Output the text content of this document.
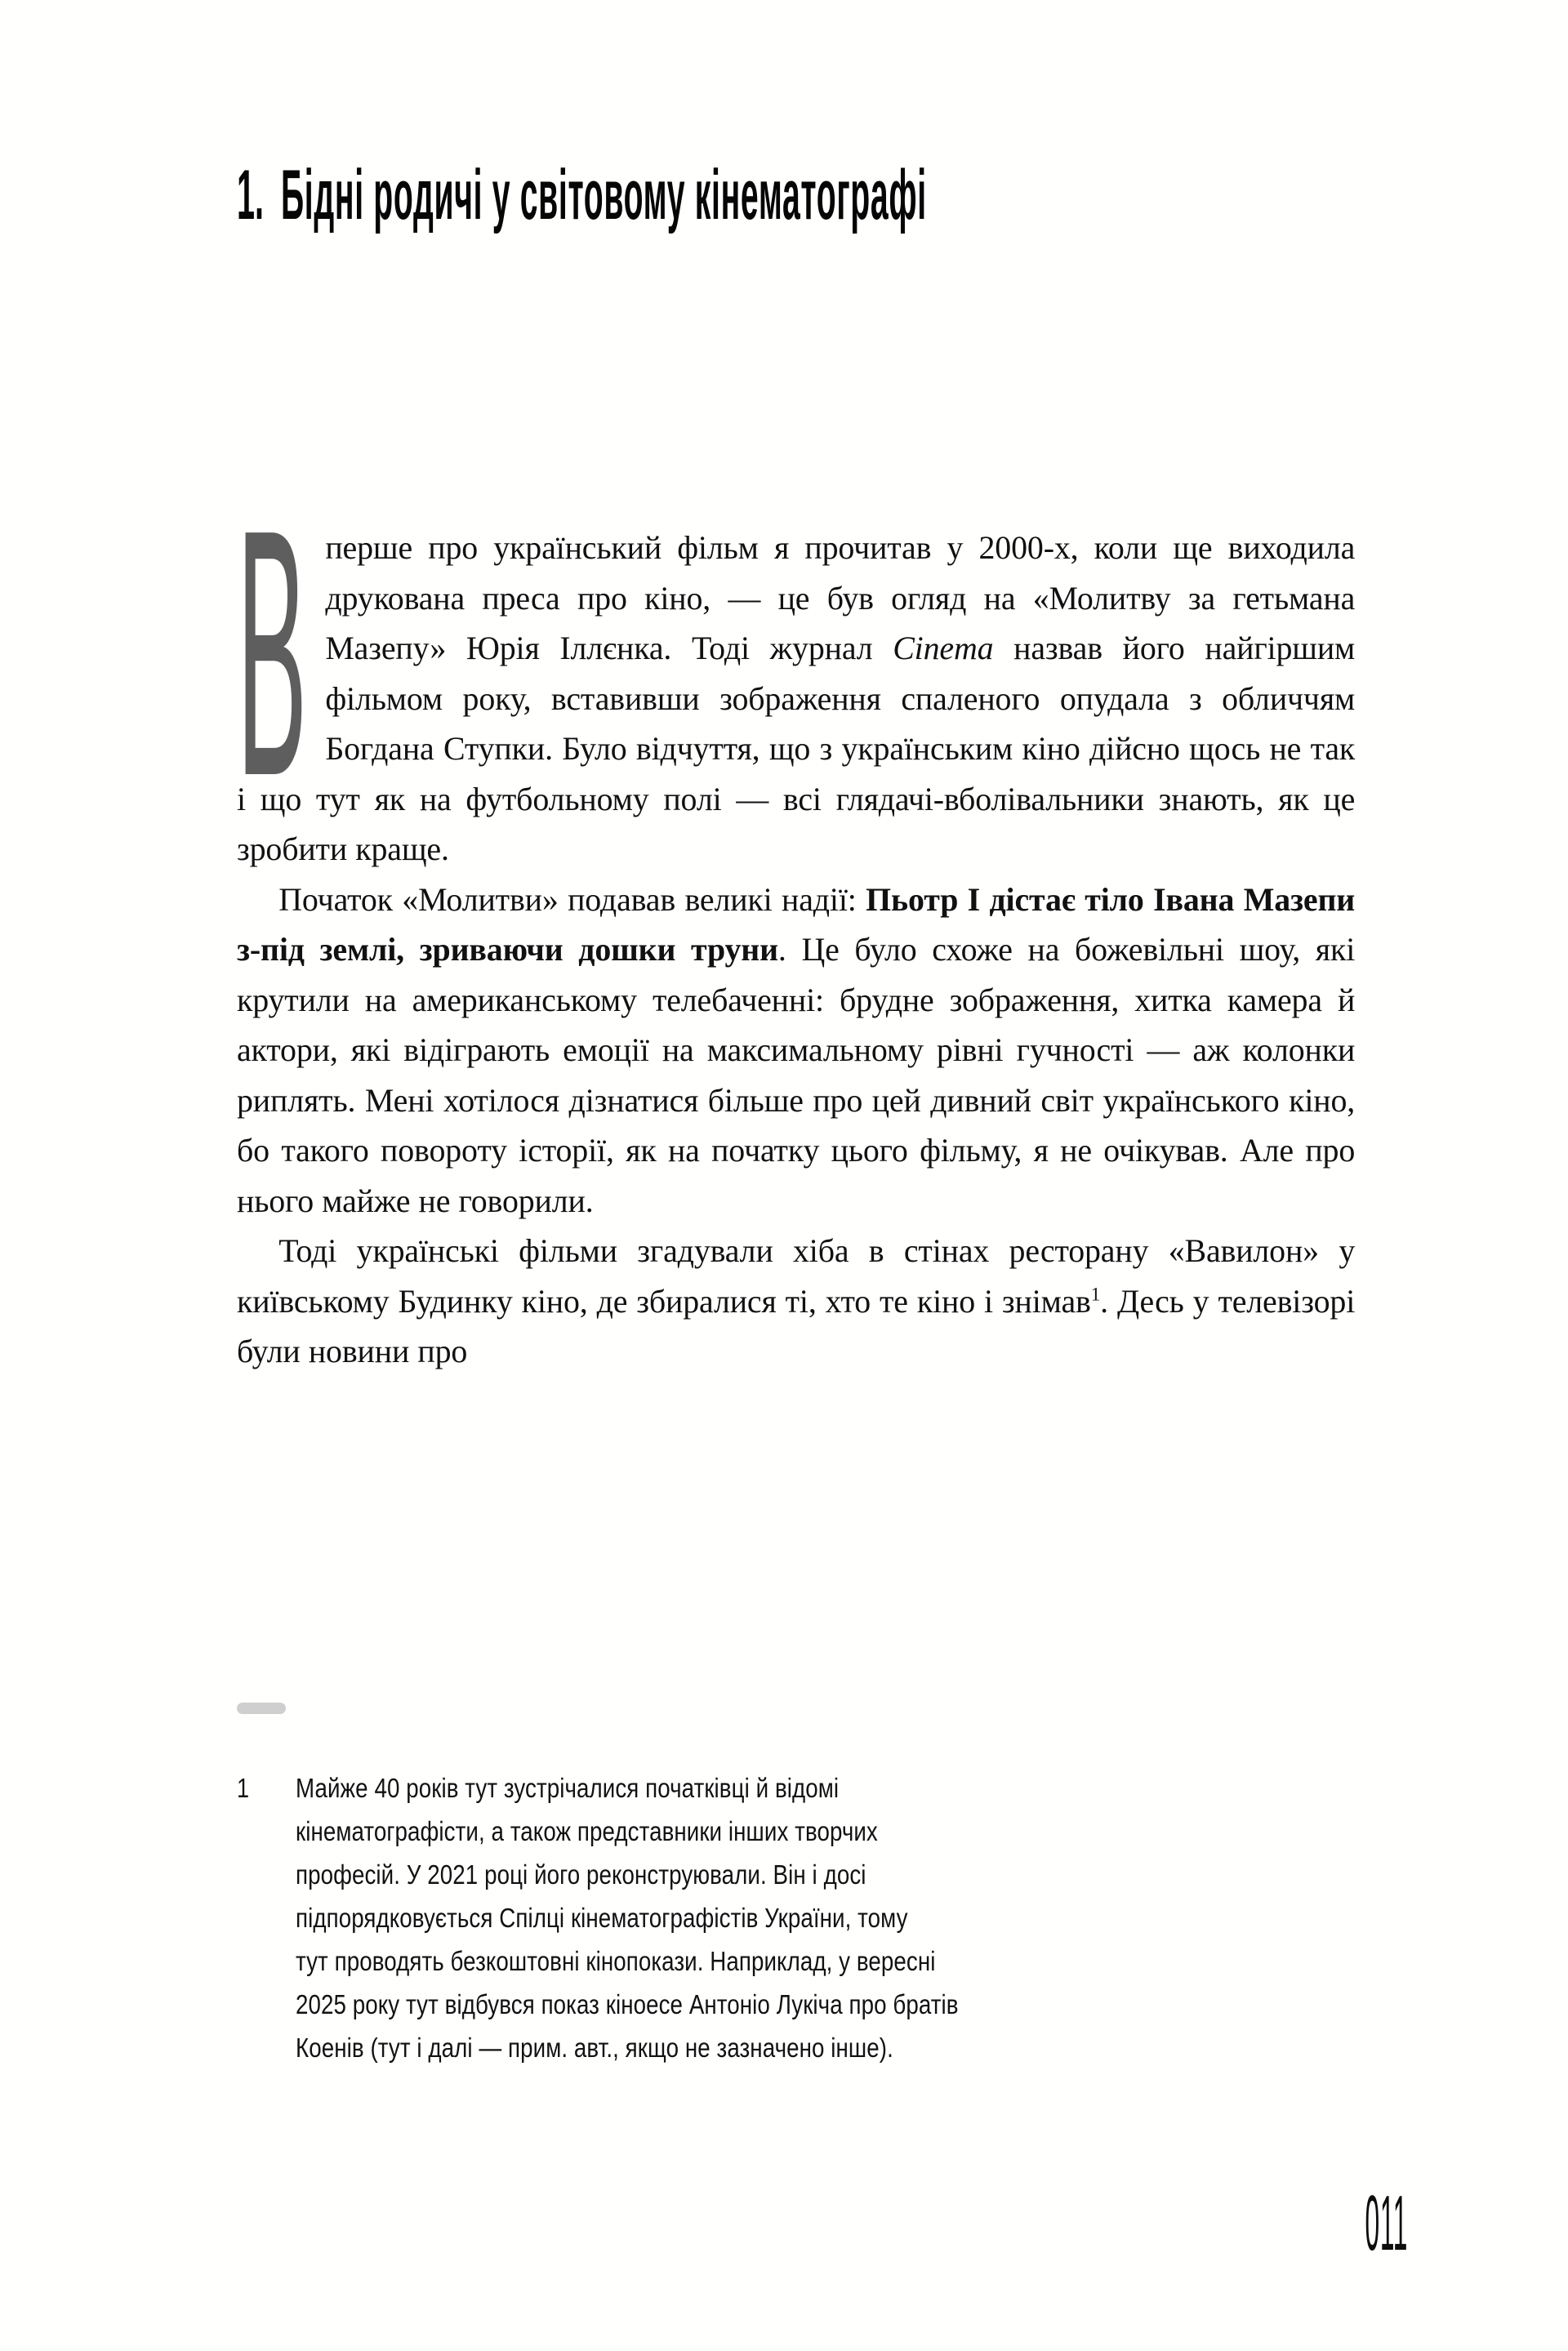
1. Бідні родичі у світовому кінематографі
В перше про український фільм я прочитав у 2000-х, коли ще виходила друкована преса про кіно, — це був огляд на «Молитву за гетьмана Мазепу» Юрія Іллєнка. Тоді журнал Cinema назвав його найгіршим фільмом року, вставивши зображення спаленого опудала з обличчям Богдана Ступки. Було відчуття, що з українським кіно дійсно щось не так і що тут як на футбольному полі — всі глядачі-вболівальники знають, як це зробити краще.

Початок «Молитви» подавав великі надії: Пьотр I дістає тіло Івана Мазепи з-під землі, зриваючи дошки труни. Це було схоже на божевільні шоу, які крутили на американському телебаченні: брудне зображення, хитка камера й актори, які відіграють емоції на максимальному рівні гучності — аж колонки риплять. Мені хотілося дізнатися більше про цей дивний світ українського кіно, бо такого повороту історії, як на початку цього фільму, я не очікував. Але про нього майже не говорили.

Тоді українські фільми згадували хіба в стінах ресторану «Вавилон» у київському Будинку кіно, де збиралися ті, хто те кіно і знімав$^1$. Десь у телевізорі були новини про

1 Майже 40 років тут зустрічалися початківці й відомі
кінематографісти, а також представники інших творчих
професій. У 2021 році його реконструювали. Він і досі
підпорядковується Спілці кінематографістів України, тому
тут проводять безкоштовні кінопокази. Наприклад, у вересні
2025 року тут відбувся показ кіноесе Антоніо Лукіча про братів
Коенів (тут і далі — прим. авт., якщо не зазначено інше).
011
